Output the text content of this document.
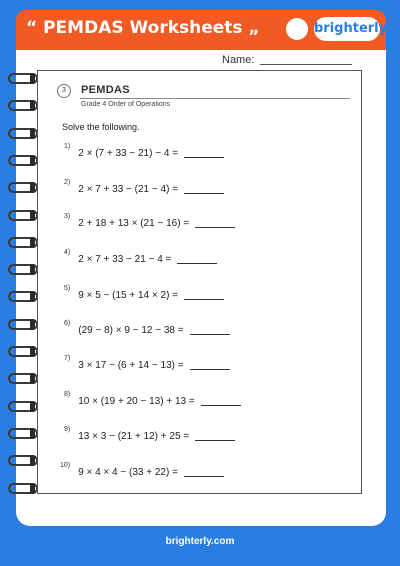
“ PEMDAS Worksheets „	brighterly
Name:
3	PEMDAS
Grade 4 Order of Operations
Solve the following.
1)2 × (7 + 33 − 21) − 4 =
2)2 × 7 + 33 − (21 − 4) =
3)2 + 18 + 13 × (21 − 16) =
4)2 × 7 + 33 − 21 − 4 =
5)9 × 5 − (15 + 14 × 2) =
6)(29 − 8) × 9 − 12 − 38 =
7)3 × 17 − (6 + 14 − 13) =
8)10 × (19 + 20 − 13) + 13 =
9)13 × 3 − (21 + 12) + 25 =
10)9 × 4 × 4 − (33 + 22) =
brighterly.com
